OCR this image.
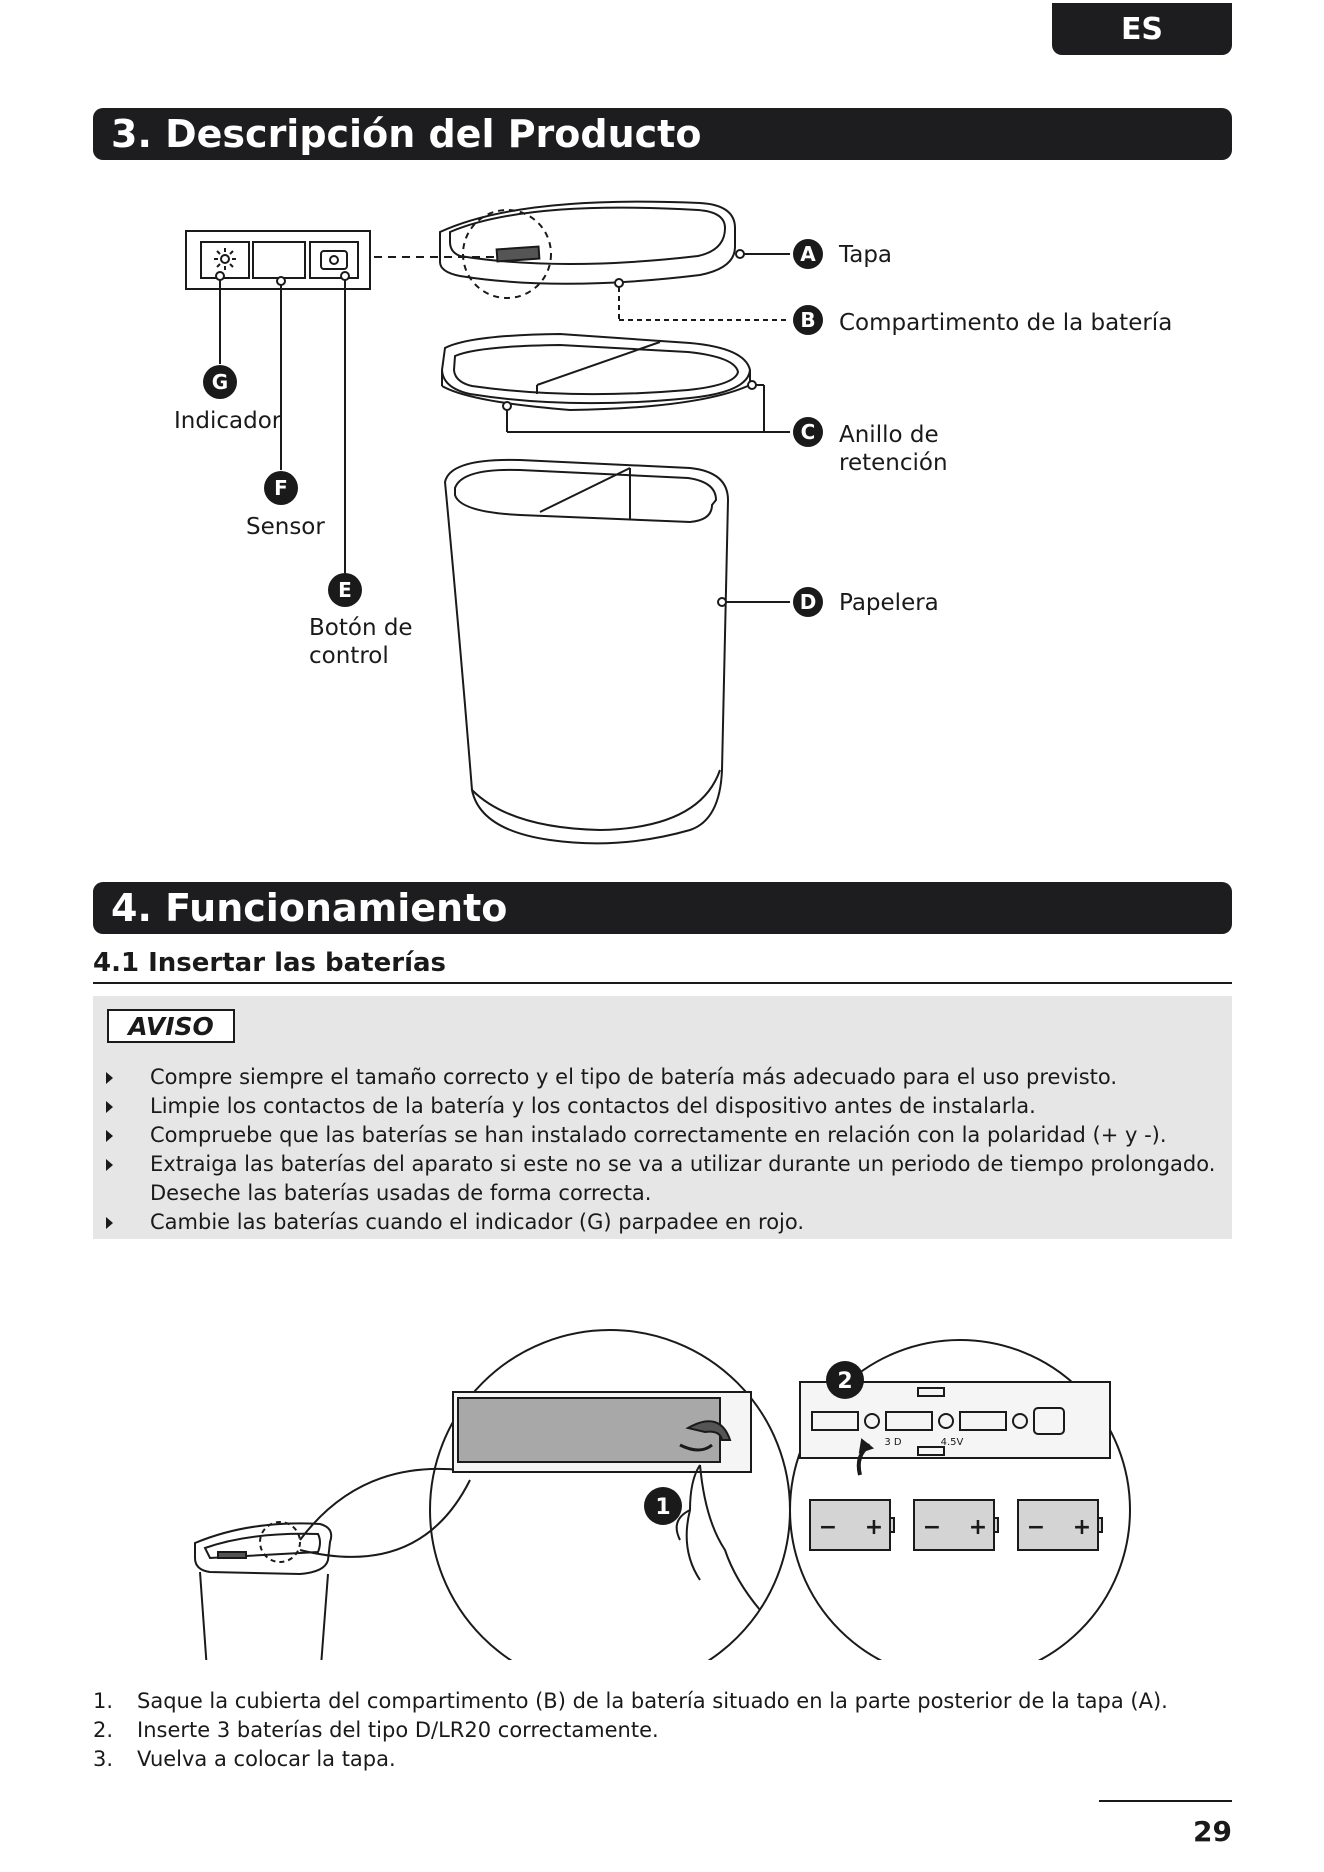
ES
3. Descripción del Producto
A
B
C
D
G
F
E
Tapa
Compartimento de la batería
Anillo de
retención
Papelera
Indicador
Sensor
Botón de
control
4. Funcionamiento
4.1 Insertar las baterías
AVISO
Compre siempre el tamaño correcto y el tipo de batería más adecuado para el uso previsto.
Limpie los contactos de la batería y los contactos del dispositivo antes de instalarla.
Compruebe que las baterías se han instalado correctamente en relación con la polaridad (+ y -).
Extraiga las baterías del aparato si este no se va a utilizar durante un periodo de tiempo prolongado. Deseche las baterías usadas de forma correcta.
Cambie las baterías cuando el indicador (G) parpadee en rojo.
1
2
3 D	4.5V
− + − + − +
1. Saque la cubierta del compartimento (B) de la batería situado en la parte posterior de la tapa (A).
2. Inserte 3 baterías del tipo D/LR20 correctamente.
3. Vuelva a colocar la tapa.
29
